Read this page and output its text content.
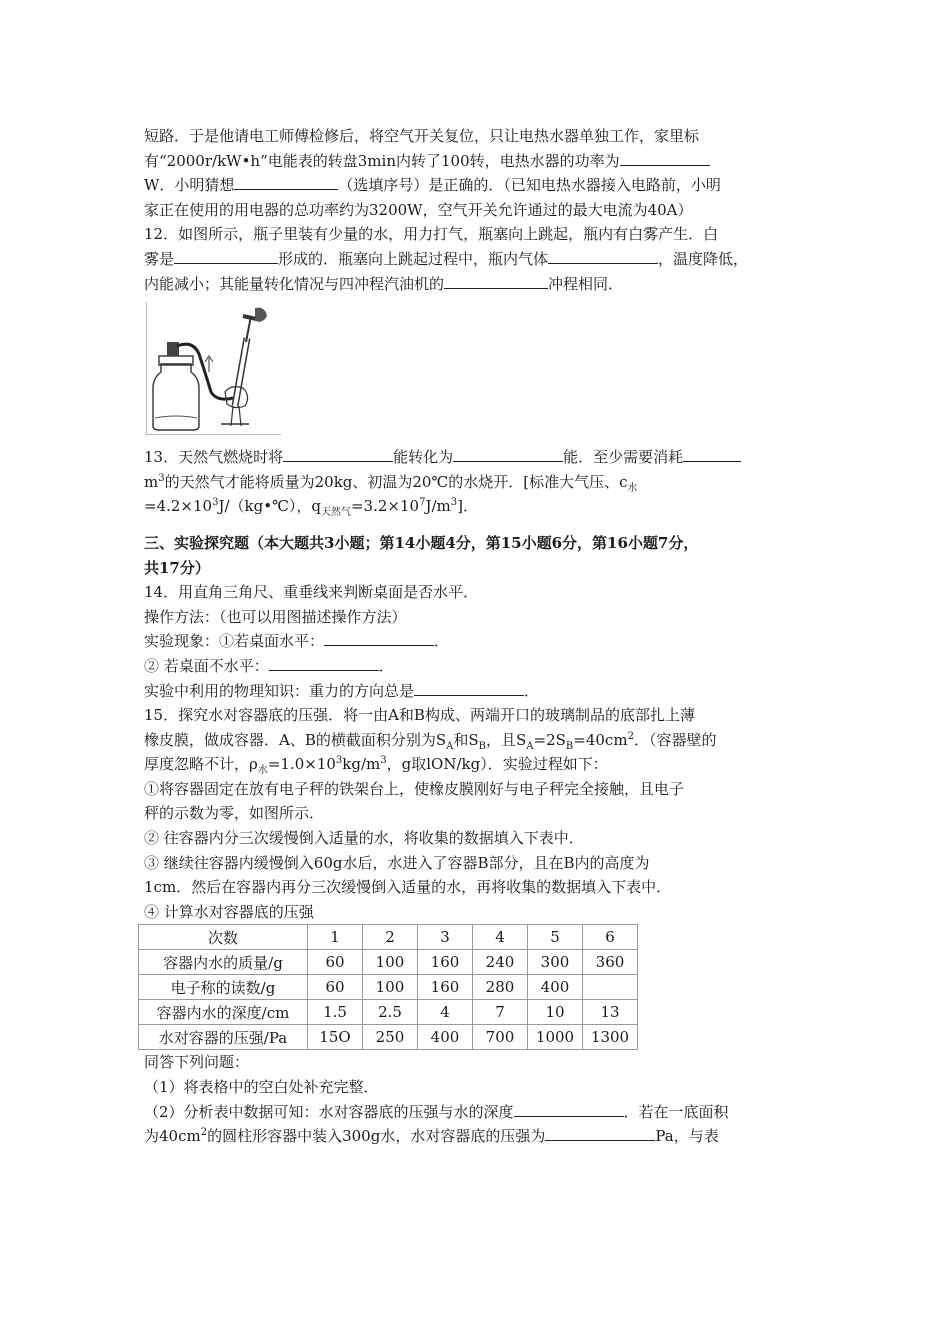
短路．于是他请电工师傅检修后，将空气开关复位，只让电热水器单独工作，家里标
有“2000r/kW•h”电能表的转盘3min内转了100转，电热水器的功率为
W．小明猜想	（选填序号）是正确的．（已知电热水器接入电路前，小明
家正在使用的用电器的总功率约为3200W，空气开关允许通过的最大电流为40A）
12．如图所示，瓶子里装有少量的水，用力打气，瓶塞向上跳起，瓶内有白雾产生．白
雾是	形成的．瓶塞向上跳起过程中，瓶内气体	，温度降低，
内能减小；其能量转化情况与四冲程汽油机的	冲程相同．
13．天然气燃烧时将	能转化为	能．至少需要消耗
$m^3$的天然气才能将质量为20kg、初温为20℃的水烧开．[标准大气压、$c_水$
$=4.2\times 10^3J/(kg•℃)$，$q_{天然气}=3.2\times 10^7J/m^3$]．
三、实验探究题（本大题共3小题；第14小题4分，第15小题6分，第16小题7分，
共17分）
14．用直角三角尺、重垂线来判断桌面是否水平．
操作方法：（也可以用图描述操作方法）
实验现象：①若桌面水平：	．
② 若桌面不水平：	．
实验中利用的物理知识：重力的方向总是	．
15．探究水对容器底的压强．将一由A和B构成、两端开口的玻璃制品的底部扎上薄
橡皮膜，做成容器．A、B的横截面积分别为$S_A$和$S_B$，且$S_A=2S_B=40cm^2$．（容器壁的
厚度忽略不计，$\rho_水=1.0\times 10^3kg/m^3$，g取lON/kg）．实验过程如下：
①将容器固定在放有电子秤的铁架台上，使橡皮膜刚好与电子秤完全接触，且电子
秤的示数为零，如图所示．
② 往容器内分三次缓慢倒入适量的水，将收集的数据填入下表中．
③ 继续往容器内缓慢倒入60g水后，水进入了容器B部分，且在B内的高度为
1cm．然后在容器内再分三次缓慢倒入适量的水，再将收集的数据填入下表中．
④ 计算水对容器底的压强
次数	1	2	3	4	5	6
容器内水的质量/g	60	100	160	240	300	360
电子称的读数/g	60	100	160	280	400	
容器内水的深度/cm	1.5	2.5	4	7	10	13
水对容器的压强/Pa	15O	250	400	700	1000	1300
同答下列问题：
（1）将表格中的空白处补充完整．
（2）分析表中数据可知：水对容器底的压强与水的深度	．若在一底面积
为$40cm^2$的圆柱形容器中装入300g水，水对容器底的压强为	Pa，与表
